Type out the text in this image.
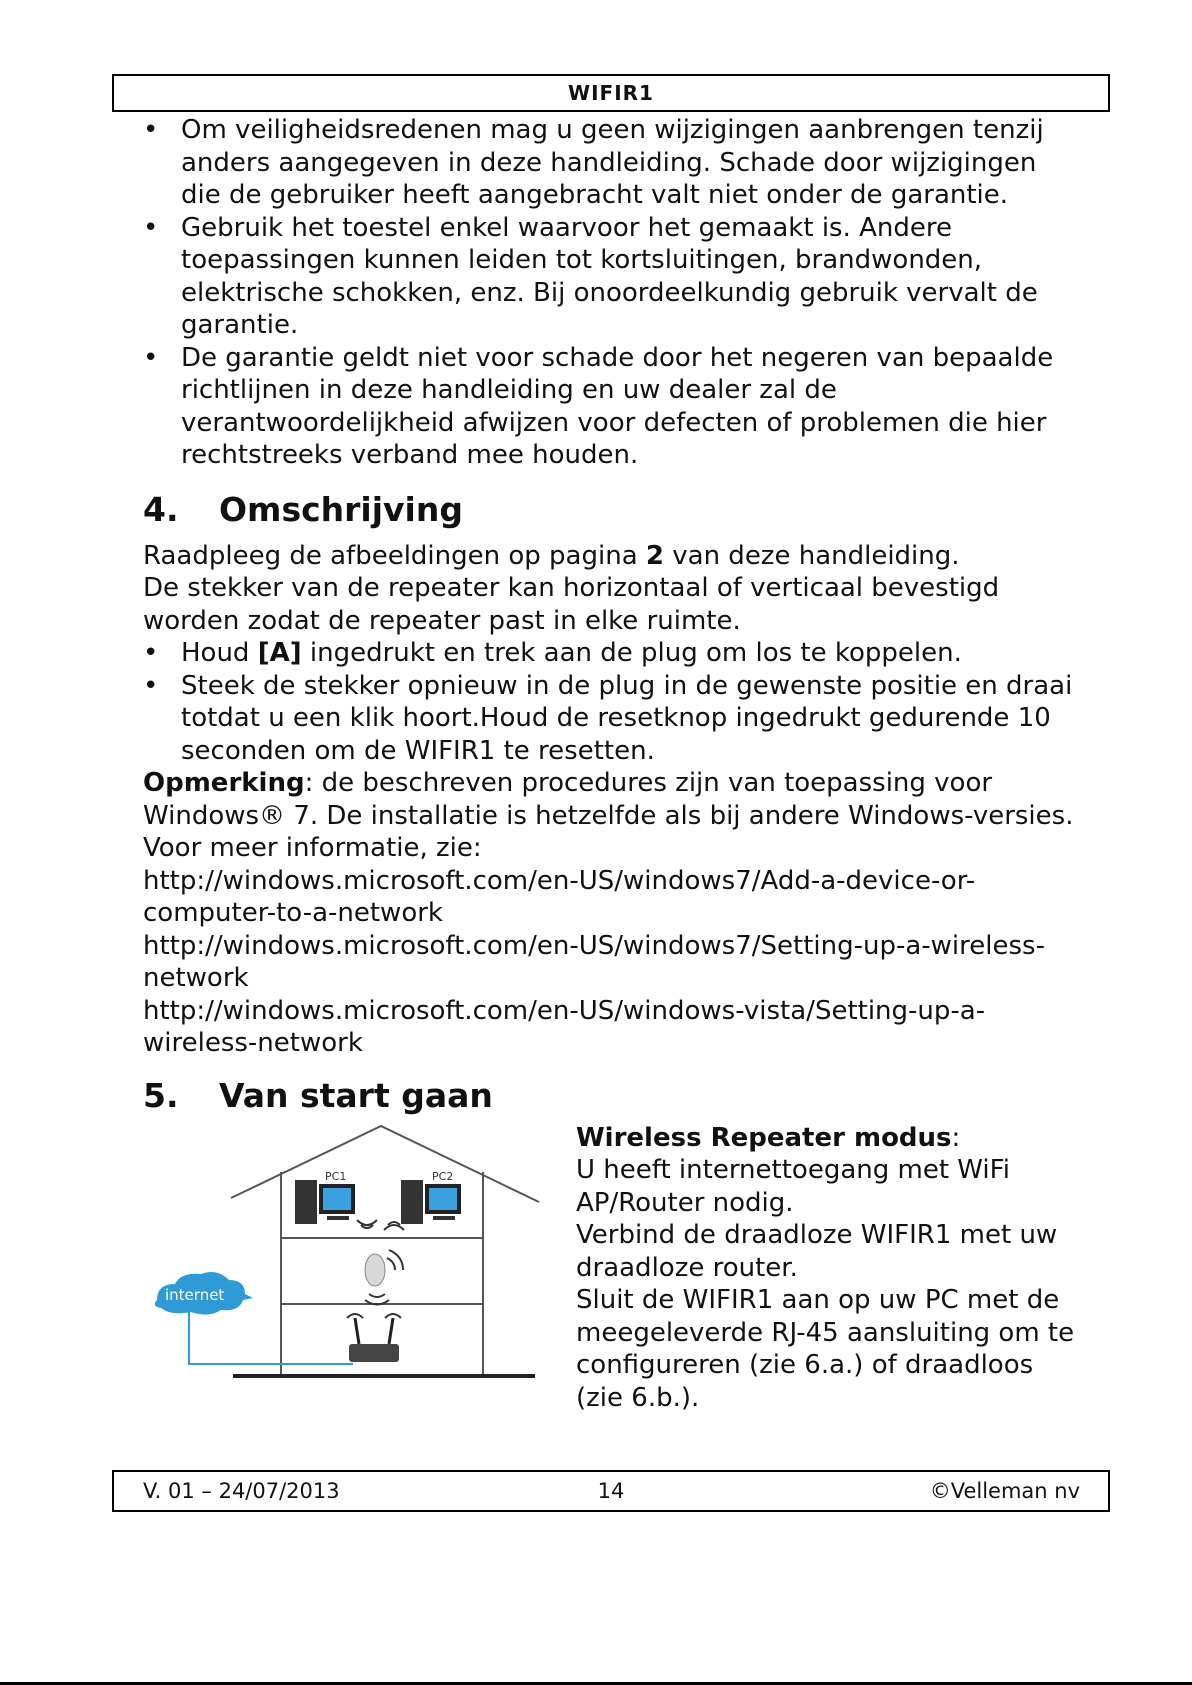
WIFIR1
• Om veiligheidsredenen mag u geen wijzigingen aanbrengen tenzij anders aangegeven in deze handleiding. Schade door wijzigingen die de gebruiker heeft aangebracht valt niet onder de garantie.
• Gebruik het toestel enkel waarvoor het gemaakt is. Andere toepassingen kunnen leiden tot kortsluitingen, brandwonden, elektrische schokken, enz. Bij onoordeelkundig gebruik vervalt de garantie.
• De garantie geldt niet voor schade door het negeren van bepaalde richtlijnen in deze handleiding en uw dealer zal de verantwoordelijkheid afwijzen voor defecten of problemen die hier rechtstreeks verband mee houden.
4. Omschrijving

Raadpleeg de afbeeldingen op pagina 2 van deze handleiding.

De stekker van de repeater kan horizontaal of verticaal bevestigd worden zodat de repeater past in elke ruimte.

• Houd [A] ingedrukt en trek aan de plug om los te koppelen.
• Steek de stekker opnieuw in de plug in de gewenste positie en draai totdat u een klik hoort.Houd de resetknop ingedrukt gedurende 10 seconden om de WIFIR1 te resetten.

Opmerking: de beschreven procedures zijn van toepassing voor Windows® 7. De installatie is hetzelfde als bij andere Windows-versies. Voor meer informatie, zie:

http://windows.microsoft.com/en-US/windows7/Add-a-device-or-computer-to-a-network

http://windows.microsoft.com/en-US/windows7/Setting-up-a-wireless-network

http://windows.microsoft.com/en-US/windows-vista/Setting-up-a-wireless-network

5. Van start gaan
PC1	PC2
internet

Wireless Repeater modus:

U heeft internettoegang met WiFi AP/Router nodig.

Verbind de draadloze WIFIR1 met uw draadloze router.

Sluit de WIFIR1 aan op uw PC met de meegeleverde RJ-45 aansluiting om te configureren (zie 6.a.) of draadloos (zie 6.b.).

V. 01 – 24/07/2013	14	©Velleman nv
